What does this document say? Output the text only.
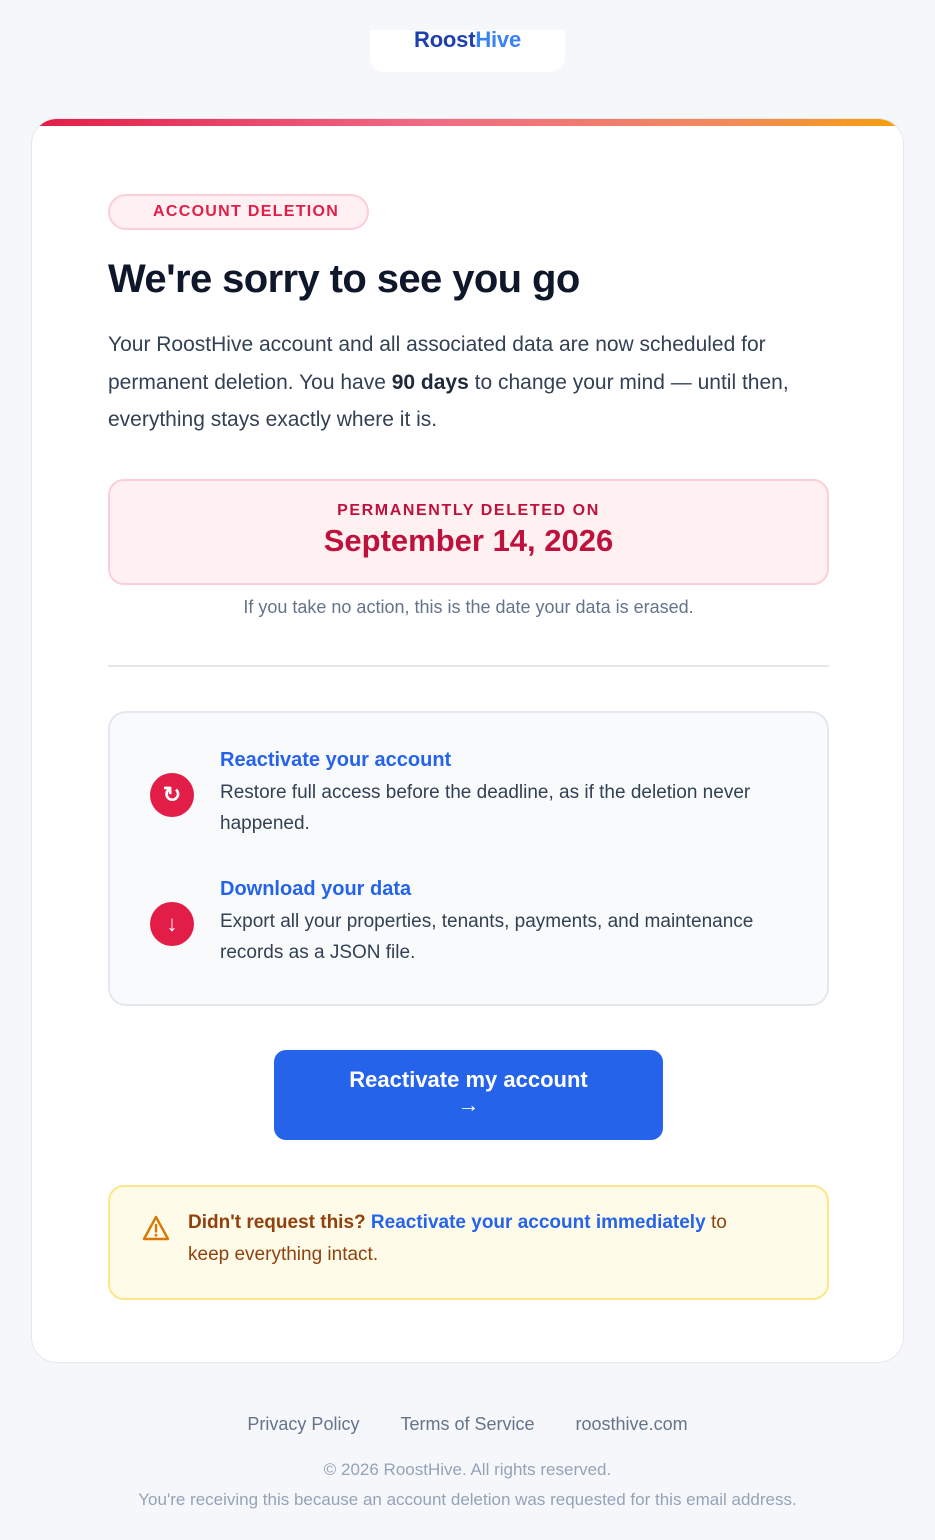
RoostHive
ACCOUNT DELETION
We're sorry to see you go

Your RoostHive account and all associated data are now scheduled for permanent deletion. You have 90 days to change your mind — until then, everything stays exactly where it is.

PERMANENTLY DELETED ON
September 14, 2026
If you take no action, this is the date your data is erased.
↻
Reactivate your account
Restore full access before the deadline, as if the deletion never happened.
↓
Download your data
Export all your properties, tenants, payments, and maintenance records as a JSON file.
Reactivate my account
→
Didn't request this? Reactivate your account immediately to
keep everything intact.
Privacy Policy Terms of Service roosthive.com
© 2026 RoostHive. All rights reserved.
You're receiving this because an account deletion was requested for this email address.
